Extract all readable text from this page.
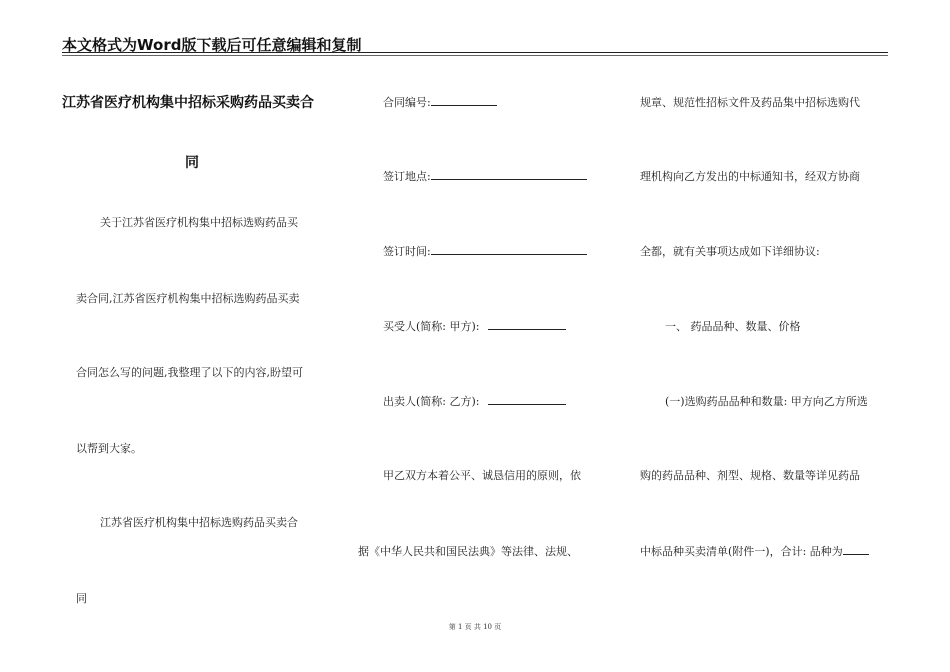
本文格式为Word版下载后可任意编辑和复制
江苏省医疗机构集中招标采购药品买卖合
同
关于江苏省医疗机构集中招标选购药品买
卖合同,江苏省医疗机构集中招标选购药品买卖
合同怎么写的问题,我整理了以下的内容,盼望可
以帮到大家。
江苏省医疗机构集中招标选购药品买卖合
同
合同编号:
签订地点:
签订时间:
买受人(简称: 甲方):
出卖人(简称: 乙方):
甲乙双方本着公平、诚恳信用的原则，依
据《中华人民共和国民法典》等法律、法规、
规章、规范性招标文件及药品集中招标选购代
理机构向乙方发出的中标通知书，经双方协商
全都，就有关事项达成如下详细协议:
一、 药品品种、数量、价格
(一)选购药品品种和数量: 甲方向乙方所选
购的药品品种、剂型、规格、数量等详见药品
中标品种买卖清单(附件一)，合计: 品种为
第 1 页 共 10 页
